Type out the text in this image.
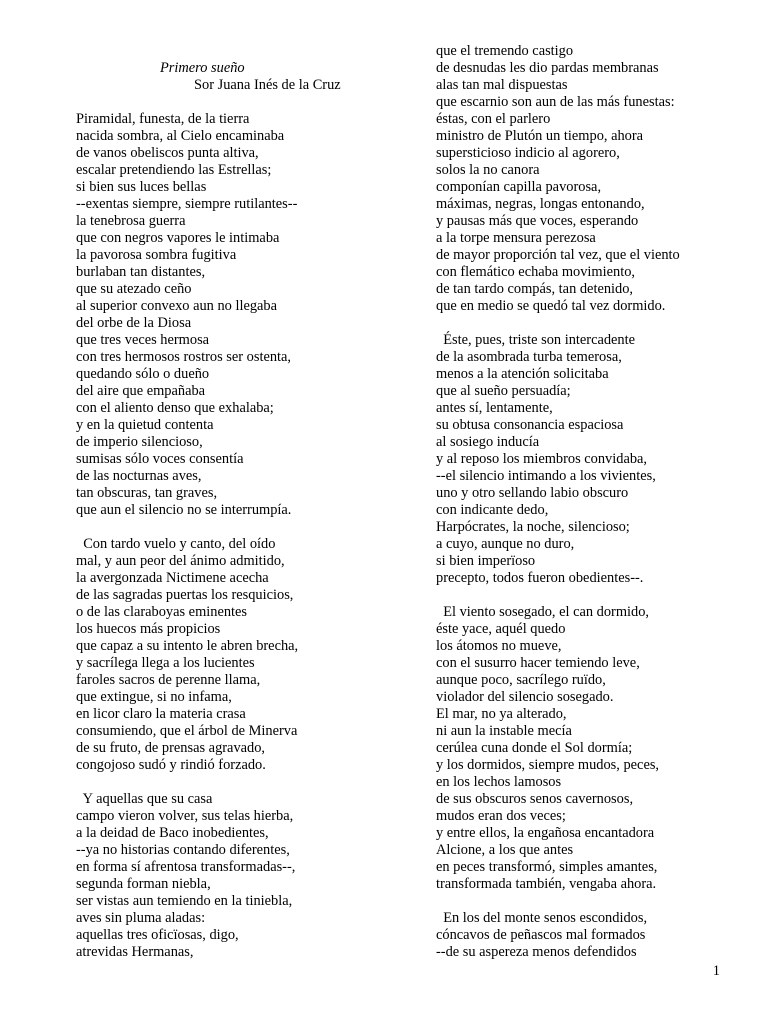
Primero sueño
Sor Juana Inés de la Cruz
Piramidal, funesta, de la tierra
nacida sombra, al Cielo encaminaba
de vanos obeliscos punta altiva,
escalar pretendiendo las Estrellas;
si bien sus luces bellas
--exentas siempre, siempre rutilantes--
la tenebrosa guerra
que con negros vapores le intimaba
la pavorosa sombra fugitiva
burlaban tan distantes,
que su atezado ceño
al superior convexo aun no llegaba
del orbe de la Diosa
que tres veces hermosa
con tres hermosos rostros ser ostenta,
quedando sólo o dueño
del aire que empañaba
con el aliento denso que exhalaba;
y en la quietud contenta
de imperio silencioso,
sumisas sólo voces consentía
de las nocturnas aves,
tan obscuras, tan graves,
que aun el silencio no se interrumpía.
Con tardo vuelo y canto, del oído
mal, y aun peor del ánimo admitido,
la avergonzada Nictimene acecha
de las sagradas puertas los resquicios,
o de las claraboyas eminentes
los huecos más propicios
que capaz a su intento le abren brecha,
y sacrílega llega a los lucientes
faroles sacros de perenne llama,
que extingue, si no infama,
en licor claro la materia crasa
consumiendo, que el árbol de Minerva
de su fruto, de prensas agravado,
congojoso sudó y rindió forzado.
Y aquellas que su casa
campo vieron volver, sus telas hierba,
a la deidad de Baco inobedientes,
--ya no historias contando diferentes,
en forma sí afrentosa transformadas--,
segunda forman niebla,
ser vistas aun temiendo en la tiniebla,
aves sin pluma aladas:
aquellas tres oficïosas, digo,
atrevidas Hermanas,
que el tremendo castigo
de desnudas les dio pardas membranas
alas tan mal dispuestas
que escarnio son aun de las más funestas:
éstas, con el parlero
ministro de Plutón un tiempo, ahora
supersticioso indicio al agorero,
solos la no canora
componían capilla pavorosa,
máximas, negras, longas entonando,
y pausas más que voces, esperando
a la torpe mensura perezosa
de mayor proporción tal vez, que el viento
con flemático echaba movimiento,
de tan tardo compás, tan detenido,
que en medio se quedó tal vez dormido.
Éste, pues, triste son intercadente
de la asombrada turba temerosa,
menos a la atención solicitaba
que al sueño persuadía;
antes sí, lentamente,
su obtusa consonancia espaciosa
al sosiego inducía
y al reposo los miembros convidaba,
--el silencio intimando a los vivientes,
uno y otro sellando labio obscuro
con indicante dedo,
Harpócrates, la noche, silencioso;
a cuyo, aunque no duro,
si bien imperïoso
precepto, todos fueron obedientes--.
El viento sosegado, el can dormido,
éste yace, aquél quedo
los átomos no mueve,
con el susurro hacer temiendo leve,
aunque poco, sacrílego ruïdo,
violador del silencio sosegado.
El mar, no ya alterado,
ni aun la instable mecía
cerúlea cuna donde el Sol dormía;
y los dormidos, siempre mudos, peces,
en los lechos lamosos
de sus obscuros senos cavernosos,
mudos eran dos veces;
y entre ellos, la engañosa encantadora
Alcione, a los que antes
en peces transformó, simples amantes,
transformada también, vengaba ahora.
En los del monte senos escondidos,
cóncavos de peñascos mal formados
--de su aspereza menos defendidos
1
